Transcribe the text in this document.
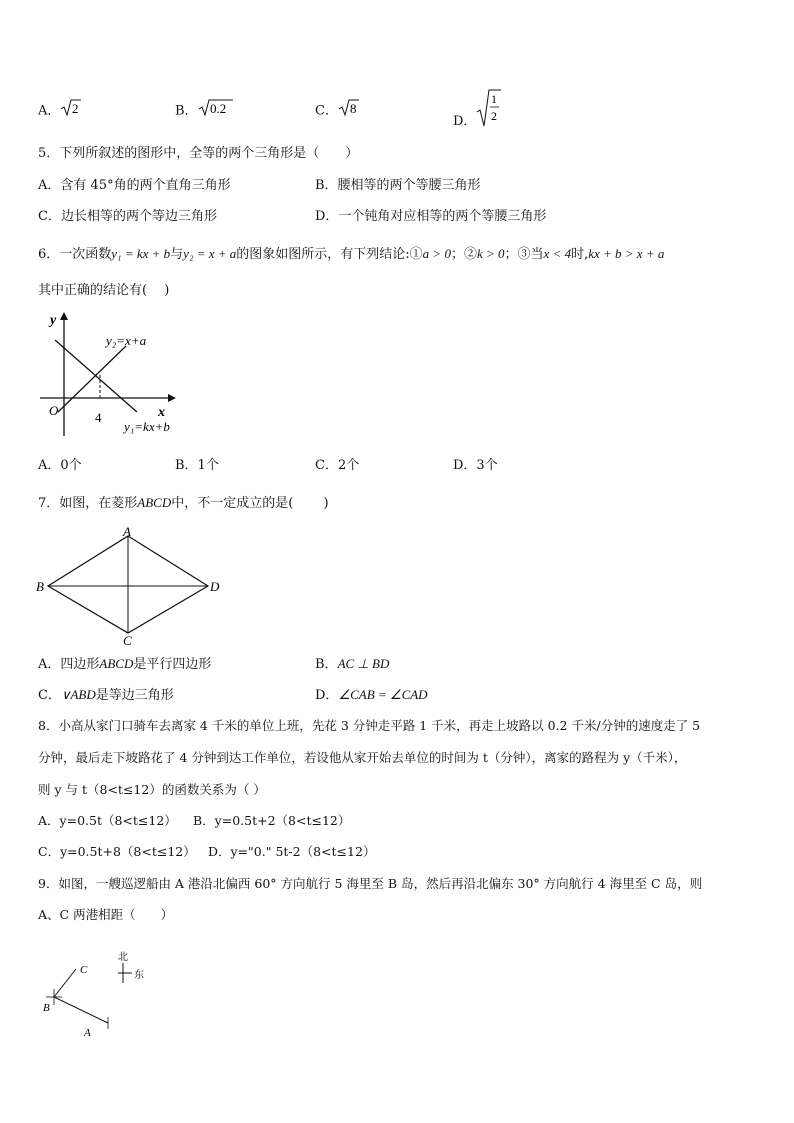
A． 2	B． 0.2	C． 8
D．
1
2
5．下列所叙述的图形中，全等的两个三角形是（　　）
A．含有 45°角的两个直角三角形	B．腰相等的两个等腰三角形
C．边长相等的两个等边三角形	D．一个钝角对应相等的两个等腰三角形
6．一次函数y₁ = kx + b与y₂ = x + a的图象如图所示，有下列结论:①a > 0；②k > 0；③当x < 4时,kx + b > x + a
其中正确的结论有(　 )
y
x
O	4
y₂=x+a
y₁=kx+b
A．0个	B．1个	C．2个	D．3个
7．如图，在菱形ABCD中，不一定成立的是(　　 )
A
B
C
D
A．四边形ABCD是平行四边形	B．AC ⊥ BD
C．∨ABD是等边三角形	D．∠CAB = ∠CAD
8．小高从家门口骑车去离家 4 千米的单位上班，先花 3 分钟走平路 1 千米，再走上坡路以 0.2 千米/分钟的速度走了 5
分钟，最后走下坡路花了 4 分钟到达工作单位，若设他从家开始去单位的时间为 t（分钟），离家的路程为 y（千米），
则 y 与 t（8<t≤12）的函数关系为（ ）
A．y=0.5t（8<t≤12） B．y=0.5t+2（8<t≤12）
C．y=0.5t+8（8<t≤12） D．y="0." 5t-2（8<t≤12）
9．如图，一艘巡逻船由 A 港沿北偏西 60° 方向航行 5 海里至 B 岛，然后再沿北偏东 30° 方向航行 4 海里至 C 岛，则
A、C 两港相距（　　）
北
东
C
B
A
